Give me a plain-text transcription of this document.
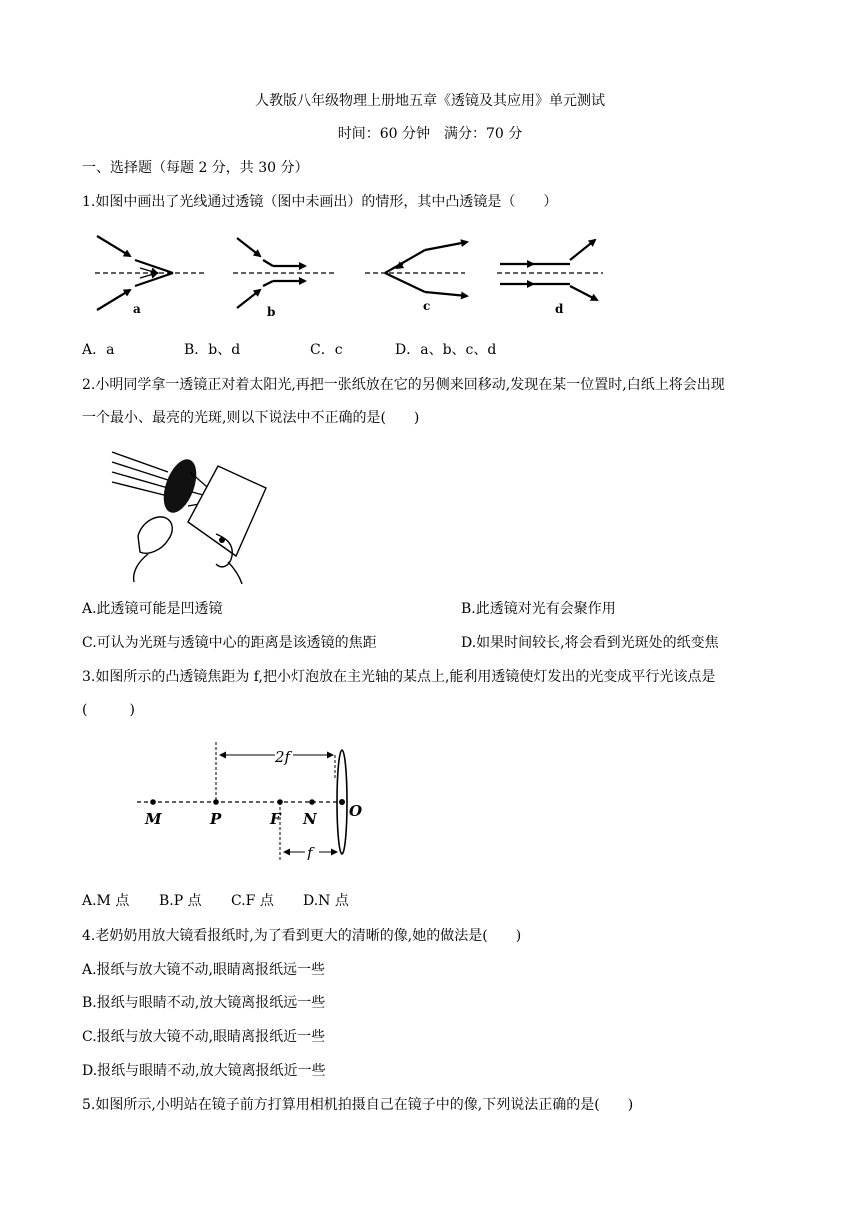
人教版八年级物理上册地五章《透镜及其应用》单元测试
时间：60 分钟　满分：70 分
一、选择题（每题 2 分，共 30 分）
1.如图中画出了光线通过透镜（图中未画出）的情形，其中凸透镜是（　　）
a	b	c	d
A．a	B．b、d	C．c	D．a、b、c、d
2.小明同学拿一透镜正对着太阳光,再把一张纸放在它的另侧来回移动,发现在某一位置时,白纸上将会出现
一个最小、最亮的光斑,则以下说法中不正确的是(　　)
A.此透镜可能是凹透镜	B.此透镜对光有会聚作用
C.可认为光斑与透镜中心的距离是该透镜的焦距	D.如果时间较长,将会看到光斑处的纸变焦
3.如图所示的凸透镜焦距为 f,把小灯泡放在主光轴的某点上,能利用透镜使灯发出的光变成平行光该点是
(　　　)
2f
f
M	P	F N O
A.M 点 B.P 点 C.F 点 D.N 点
4.老奶奶用放大镜看报纸时,为了看到更大的清晰的像,她的做法是(　　)
A.报纸与放大镜不动,眼睛离报纸远一些
B.报纸与眼睛不动,放大镜离报纸远一些
C.报纸与放大镜不动,眼睛离报纸近一些
D.报纸与眼睛不动,放大镜离报纸近一些
5.如图所示,小明站在镜子前方打算用相机拍摄自己在镜子中的像,下列说法正确的是(　　)
